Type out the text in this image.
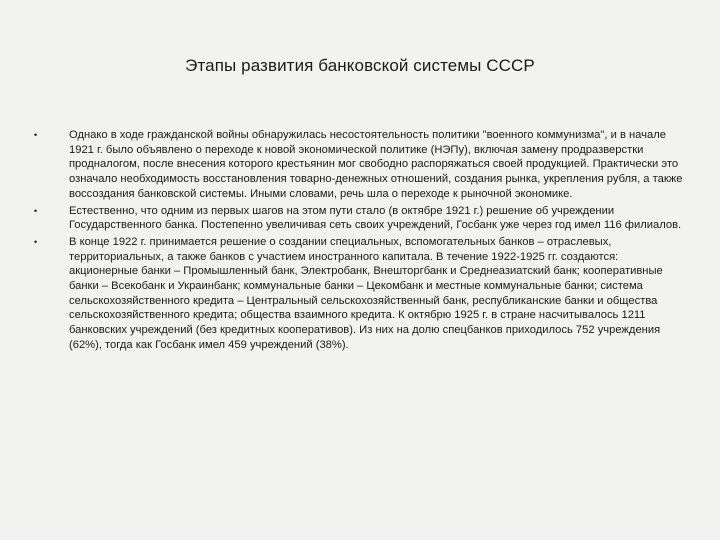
Этапы развития банковской системы СССР
•	Однако в ходе гражданской войны обнаружилась несостоятельность политики "военного коммунизма", и в начале 1921 г. было объявлено о переходе к новой экономической политике (НЭПу), включая замену продразверстки продналогом, после внесения которого крестьянин мог свободно распоряжаться своей продукцией. Практически это означало необходимость восстановления товарно-денежных отношений, создания рынка, укрепления рубля, а также воссоздания банковской системы. Иными словами, речь шла о переходе к рыночной экономике.
•	Естественно, что одним из первых шагов на этом пути стало (в октябре 1921 г.) решение об учреждении Государственного банка. Постепенно увеличивая сеть своих учреждений, Госбанк уже через год имел 116 филиалов.
•	В конце 1922 г. принимается решение о создании специальных, вспомогательных банков – отраслевых, территориальных, а также банков с участием иностранного капитала. В течение 1922-1925 гг. создаются: акционерные банки – Промышленный банк, Электробанк, Внешторгбанк и Среднеазиатский банк; кооперативные банки – Всекобанк и Украинбанк; коммунальные банки – Цекомбанк и местные коммунальные банки; система сельскохозяйственного кредита – Центральный сельскохозяйственный банк, республиканские банки и общества сельскохозяйственного кредита; общества взаимного кредита. К октябрю 1925 г. в стране насчитывалось 1211 банковских учреждений (без кредитных кооперативов). Из них на долю спецбанков приходилось 752 учреждения (62%), тогда как Госбанк имел 459 учреждений (38%).
